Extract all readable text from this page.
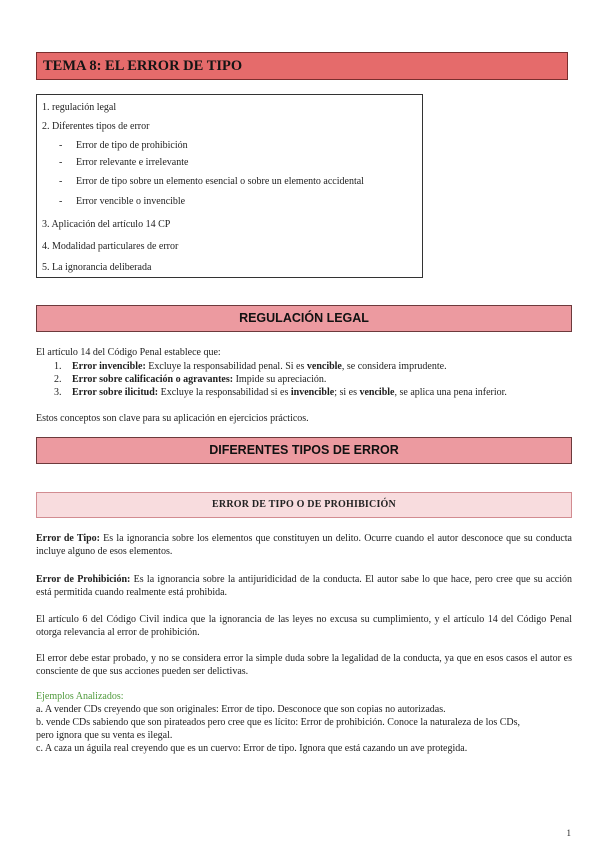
TEMA 8: EL ERROR DE TIPO
1. regulación legal
2. Diferentes tipos de error
- Error de tipo de prohibición
- Error relevante e irrelevante
- Error de tipo sobre un elemento esencial o sobre un elemento accidental
- Error vencible o invencible
3. Aplicación del artículo 14 CP
4. Modalidad particulares de error
5. La ignorancia deliberada
REGULACIÓN LEGAL
El artículo 14 del Código Penal establece que:
1. Error invencible: Excluye la responsabilidad penal. Si es vencible, se considera imprudente.
2. Error sobre calificación o agravantes: Impide su apreciación.
3. Error sobre ilicitud: Excluye la responsabilidad si es invencible; si es vencible, se aplica una pena inferior.
Estos conceptos son clave para su aplicación en ejercicios prácticos.
DIFERENTES TIPOS DE ERROR
ERROR DE TIPO O DE PROHIBICIÓN
Error de Tipo: Es la ignorancia sobre los elementos que constituyen un delito. Ocurre cuando el autor desconoce que su conducta incluye alguno de esos elementos.
Error de Prohibición: Es la ignorancia sobre la antijuridicidad de la conducta. El autor sabe lo que hace, pero cree que su acción está permitida cuando realmente está prohibida.
El artículo 6 del Código Civil indica que la ignorancia de las leyes no excusa su cumplimiento, y el artículo 14 del Código Penal otorga relevancia al error de prohibición.
El error debe estar probado, y no se considera error la simple duda sobre la legalidad de la conducta, ya que en esos casos el autor es consciente de que sus acciones pueden ser delictivas.
Ejemplos Analizados:
a. A vender CDs creyendo que son originales: Error de tipo. Desconoce que son copias no autorizadas.
b. vende CDs sabiendo que son pirateados pero cree que es lícito: Error de prohibición. Conoce la naturaleza de los CDs,
pero ignora que su venta es ilegal.
c. A caza un águila real creyendo que es un cuervo: Error de tipo. Ignora que está cazando un ave protegida.
1
